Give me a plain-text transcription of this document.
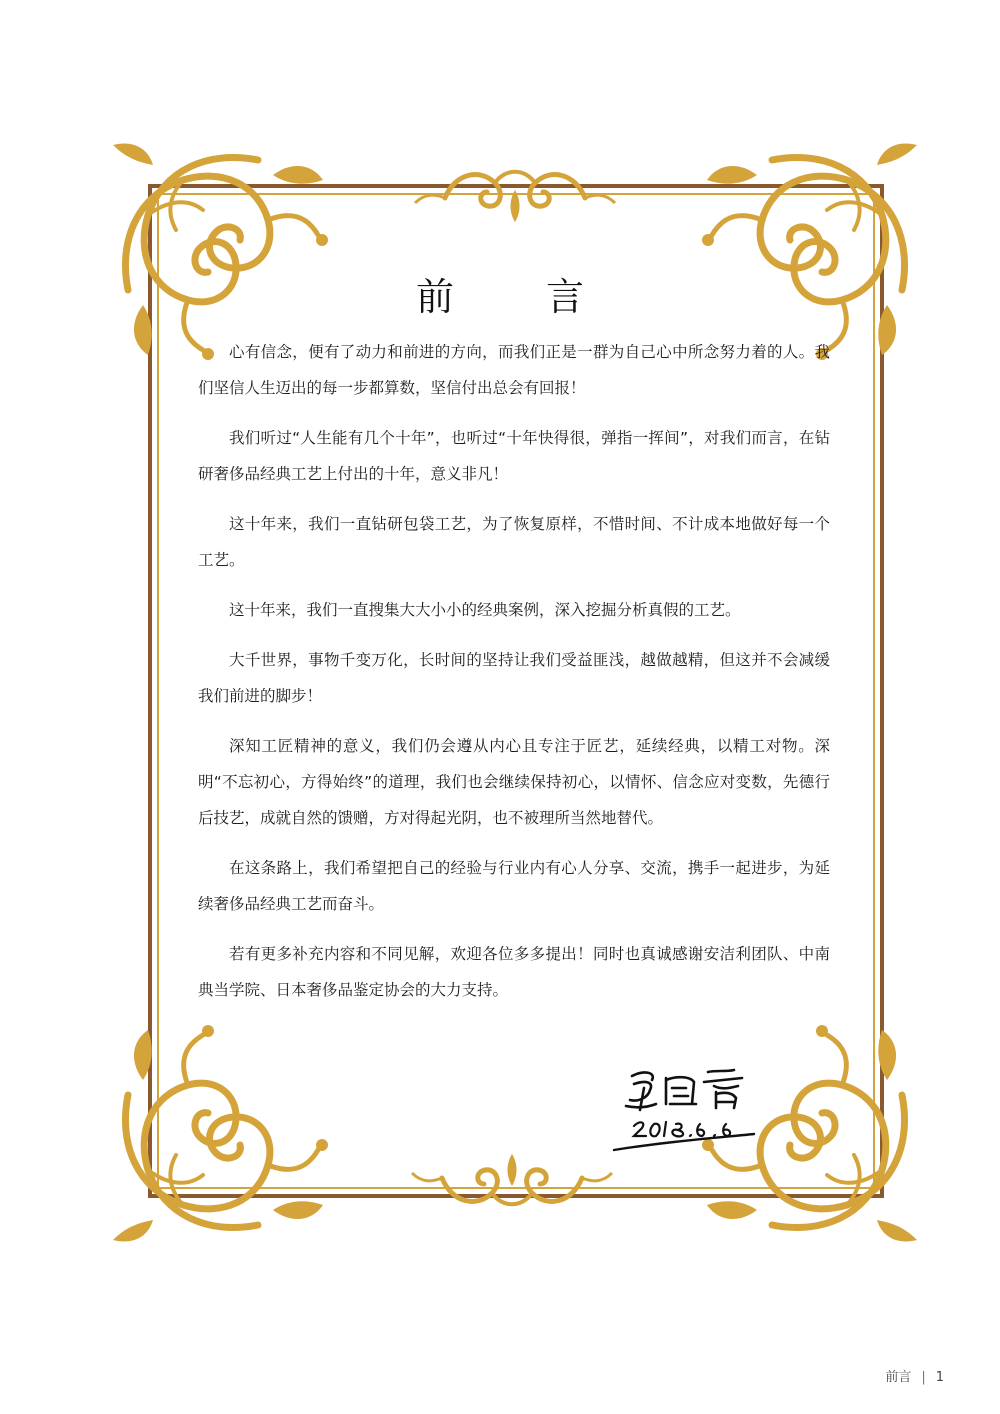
前 言

心有信念，便有了动力和前进的方向，而我们正是一群为自己心中所念努力着的人。我们坚信人生迈出的每一步都算数，坚信付出总会有回报！

我们听过“人生能有几个十年”，也听过“十年快得很，弹指一挥间”，对我们而言，在钻研奢侈品经典工艺上付出的十年，意义非凡！

这十年来，我们一直钻研包袋工艺，为了恢复原样，不惜时间、不计成本地做好每一个工艺。

这十年来，我们一直搜集大大小小的经典案例，深入挖掘分析真假的工艺。

大千世界，事物千变万化，长时间的坚持让我们受益匪浅，越做越精，但这并不会减缓我们前进的脚步！

深知工匠精神的意义，我们仍会遵从内心且专注于匠艺，延续经典，以精工对物。深明“不忘初心，方得始终”的道理，我们也会继续保持初心，以情怀、信念应对变数，先德行后技艺，成就自然的馈赠，方对得起光阴，也不被理所当然地替代。

在这条路上，我们希望把自己的经验与行业内有心人分享、交流，携手一起进步，为延续奢侈品经典工艺而奋斗。

若有更多补充内容和不同见解，欢迎各位多多提出！同时也真诚感谢安洁利团队、中南典当学院、日本奢侈品鉴定协会的大力支持。

前言 | 1
